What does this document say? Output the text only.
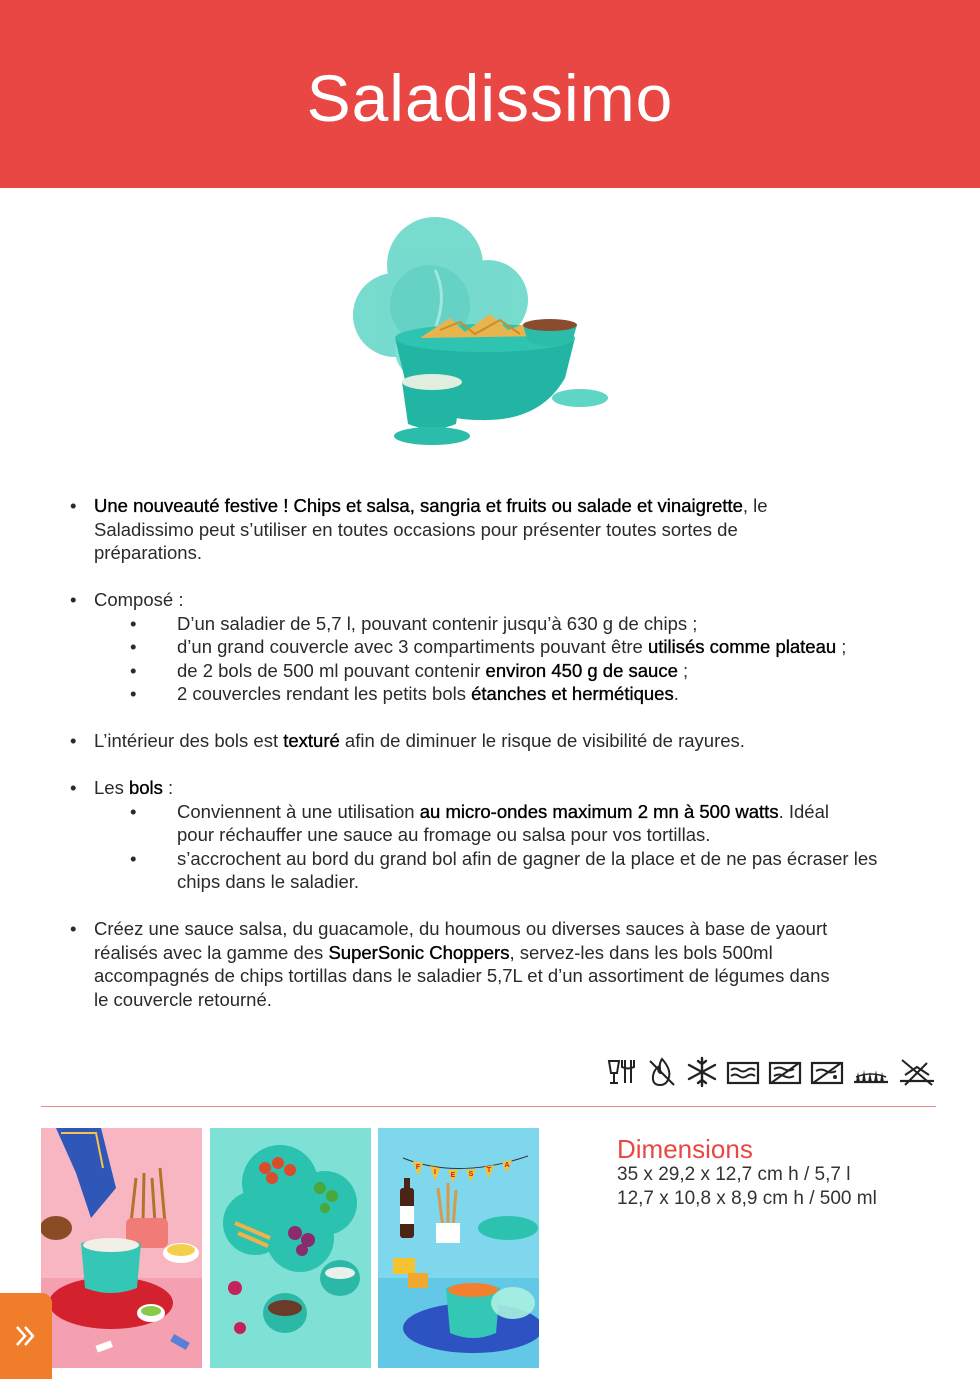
Saladissimo
• Une nouveauté festive ! Chips et salsa, sangria et fruits ou salade et vinaigrette, le
Saladissimo peut s’utiliser en toutes occasions pour présenter toutes sortes de
préparations.
• Composé :
• D’un saladier de 5,7 l, pouvant contenir jusqu’à 630 g de chips ;
• d’un grand couvercle avec 3 compartiments pouvant être utilisés comme plateau ;
• de 2 bols de 500 ml pouvant contenir environ 450 g de sauce ;
• 2 couvercles rendant les petits bols étanches et hermétiques.
• L’intérieur des bols est texturé afin de diminuer le risque de visibilité de rayures.
• Les bols :
• Conviennent à une utilisation au micro-ondes maximum 2 mn à 500 watts. Idéal
pour réchauffer une sauce au fromage ou salsa pour vos tortillas.
• s’accrochent au bord du grand bol afin de gagner de la place et de ne pas écraser les
chips dans le saladier.
• Créez une sauce salsa, du guacamole, du houmous ou diverses sauces à base de yaourt
réalisés avec la gamme des SuperSonic Choppers, servez-les dans les bols 500ml
accompagnés de chips tortillas dans le saladier 5,7L et d’un assortiment de légumes dans
le couvercle retourné.
F
I E S
T
A
Dimensions
35 x 29,2 x 12,7 cm h / 5,7 l
12,7 x 10,8 x 8,9 cm h / 500 ml
